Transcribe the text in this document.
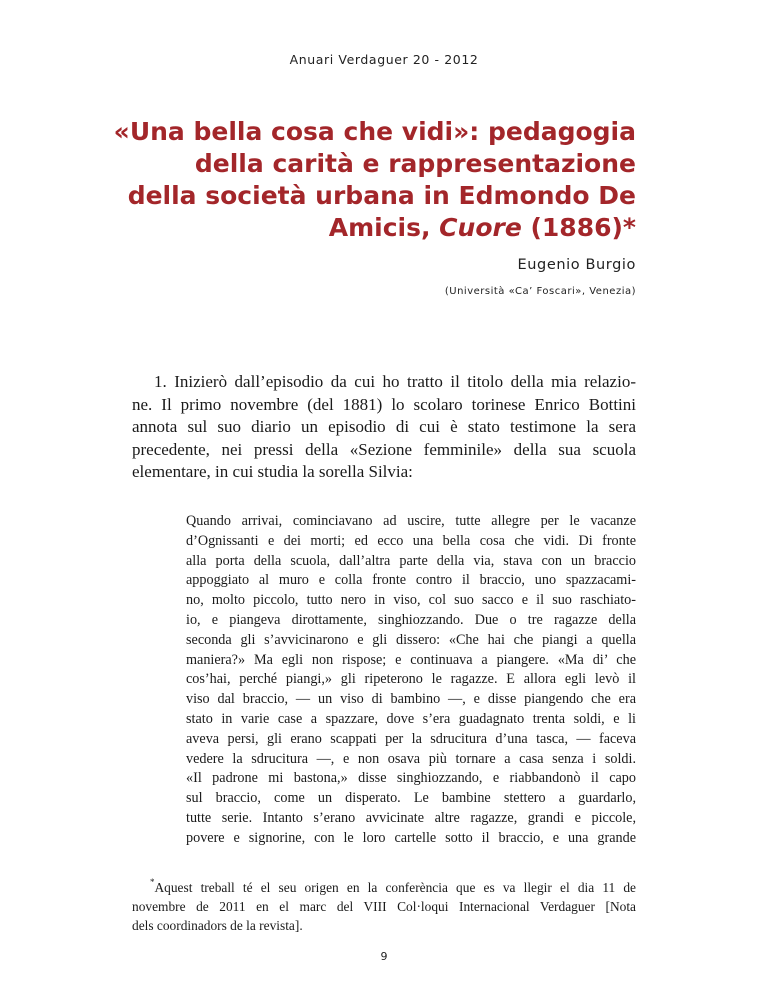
Anuari Verdaguer 20 - 2012
«Una bella cosa che vidi»: pedagogia
della carità e rappresentazione
della società urbana in Edmondo De
Amicis, Cuore (1886)*
Eugenio Burgio
(Università «Ca’ Foscari», Venezia)
1. Inizierò dall’episodio da cui ho tratto il titolo della mia relazio-
ne. Il primo novembre (del 1881) lo scolaro torinese Enrico Bottini
annota sul suo diario un episodio di cui è stato testimone la sera
precedente, nei pressi della «Sezione femminile» della sua scuola
elementare, in cui studia la sorella Silvia:
Quando arrivai, cominciavano ad uscire, tutte allegre per le vacanze
d’Ognissanti e dei morti; ed ecco una bella cosa che vidi. Di fronte
alla porta della scuola, dall’altra parte della via, stava con un braccio
appoggiato al muro e colla fronte contro il braccio, uno spazzacami-
no, molto piccolo, tutto nero in viso, col suo sacco e il suo raschiato-
io, e piangeva dirottamente, singhiozzando. Due o tre ragazze della
seconda gli s’avvicinarono e gli dissero: «Che hai che piangi a quella
maniera?» Ma egli non rispose; e continuava a piangere. «Ma di’ che
cos’hai, perché piangi,» gli ripeterono le ragazze. E allora egli levò il
viso dal braccio, — un viso di bambino —, e disse piangendo che era
stato in varie case a spazzare, dove s’era guadagnato trenta soldi, e li
aveva persi, gli erano scappati per la sdrucitura d’una tasca, — faceva
vedere la sdrucitura —, e non osava più tornare a casa senza i soldi.
«Il padrone mi bastona,» disse singhiozzando, e riabbandonò il capo
sul braccio, come un disperato. Le bambine stettero a guardarlo,
tutte serie. Intanto s’erano avvicinate altre ragazze, grandi e piccole,
povere e signorine, con le loro cartelle sotto il braccio, e una grande
*Aquest treball té el seu origen en la conferència que es va llegir el dia 11 de
novembre de 2011 en el marc del VIII Col·loqui Internacional Verdaguer [Nota
dels coordinadors de la revista].
9
